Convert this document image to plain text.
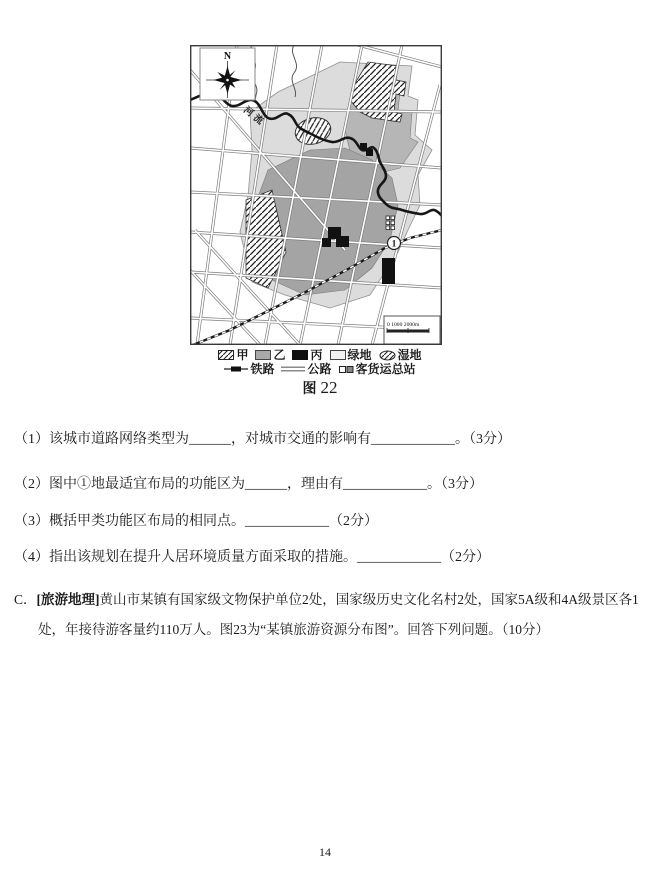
1
河流
N
0 1000 2000m
甲 乙 丙 绿地 湿地
铁路	公路 客货运总站
图 22
（1）该城市道路网络类型为______，对城市交通的影响有____________。（3分）
（2）图中①地最适宜布局的功能区为______，理由有____________。（3分）
（3）概括甲类功能区布局的相同点。____________（2分）
（4）指出该规划在提升人居环境质量方面采取的措施。____________（2分）
C．[旅游地理]黄山市某镇有国家级文物保护单位2处，国家级历史文化名村2处，国家5A级和4A级景区各1
处，年接待游客量约110万人。图23为“某镇旅游资源分布图”。回答下列问题。（10分）
14
